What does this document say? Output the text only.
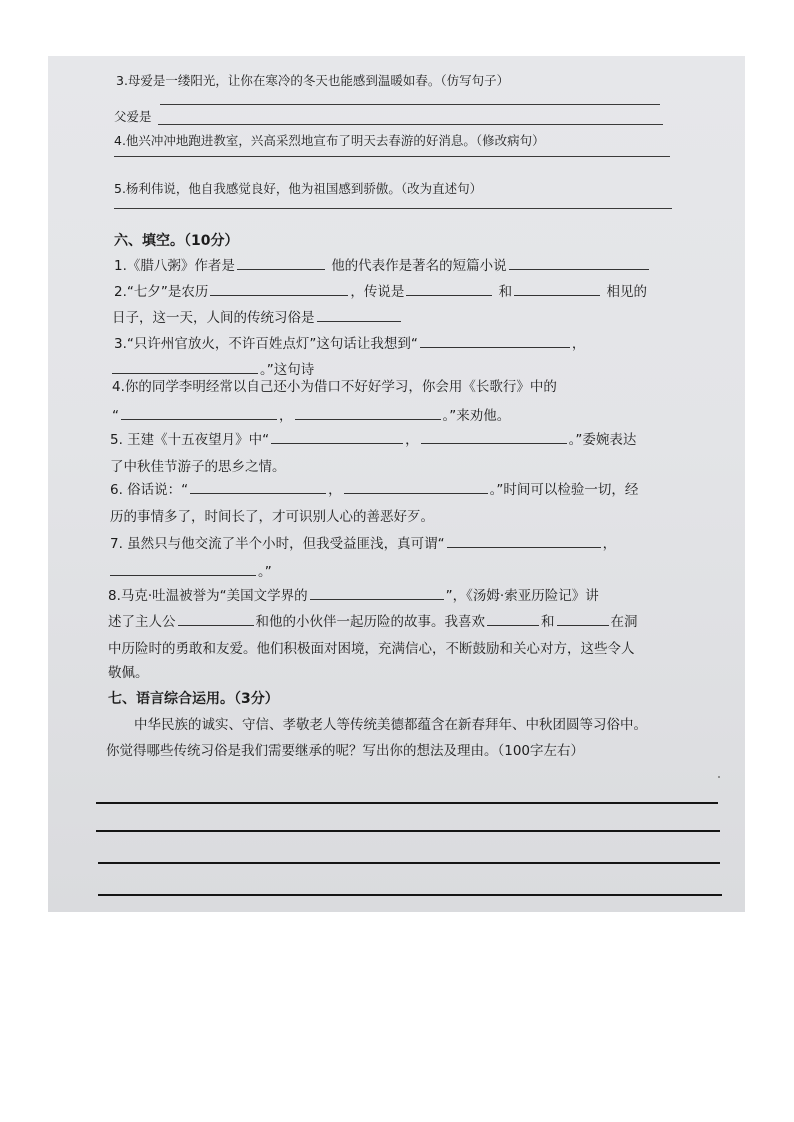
3.母爱是一缕阳光，让你在寒冷的冬天也能感到温暖如春。（仿写句子）
父爱是
4.他兴冲冲地跑进教室，兴高采烈地宣布了明天去春游的好消息。（修改病句）
5.杨利伟说，他自我感觉良好，他为祖国感到骄傲。（改为直述句）
六、填空。（10分）
1.《腊八粥》作者是	他的代表作是著名的短篇小说
2.“七夕”是农历	，传说是	和	相见的
日子，这一天，人间的传统习俗是
3.“只许州官放火，不许百姓点灯”这句话让我想到“	，
。”这句诗
4.你的同学李明经常以自己还小为借口不好好学习，你会用《长歌行》中的
“	，	。”来劝他。
5. 王建《十五夜望月》中“	，	。”委婉表达
了中秋佳节游子的思乡之情。
6. 俗话说：“	，	。”时间可以检验一切，经
历的事情多了，时间长了，才可识别人心的善恶好歹。
7. 虽然只与他交流了半个小时，但我受益匪浅，真可谓“	，
。”
8.马克·吐温被誉为“美国文学界的	”，《汤姆·索亚历险记》讲
述了主人公	和他的小伙伴一起历险的故事。我喜欢	和	在洞
中历险时的勇敢和友爱。他们积极面对困境，充满信心，不断鼓励和关心对方，这些令人
敬佩。
七、语言综合运用。（3分）
中华民族的诚实、守信、孝敬老人等传统美德都蕴含在新春拜年、中秋团圆等习俗中。
你觉得哪些传统习俗是我们需要继承的呢？写出你的想法及理由。（100字左右）
